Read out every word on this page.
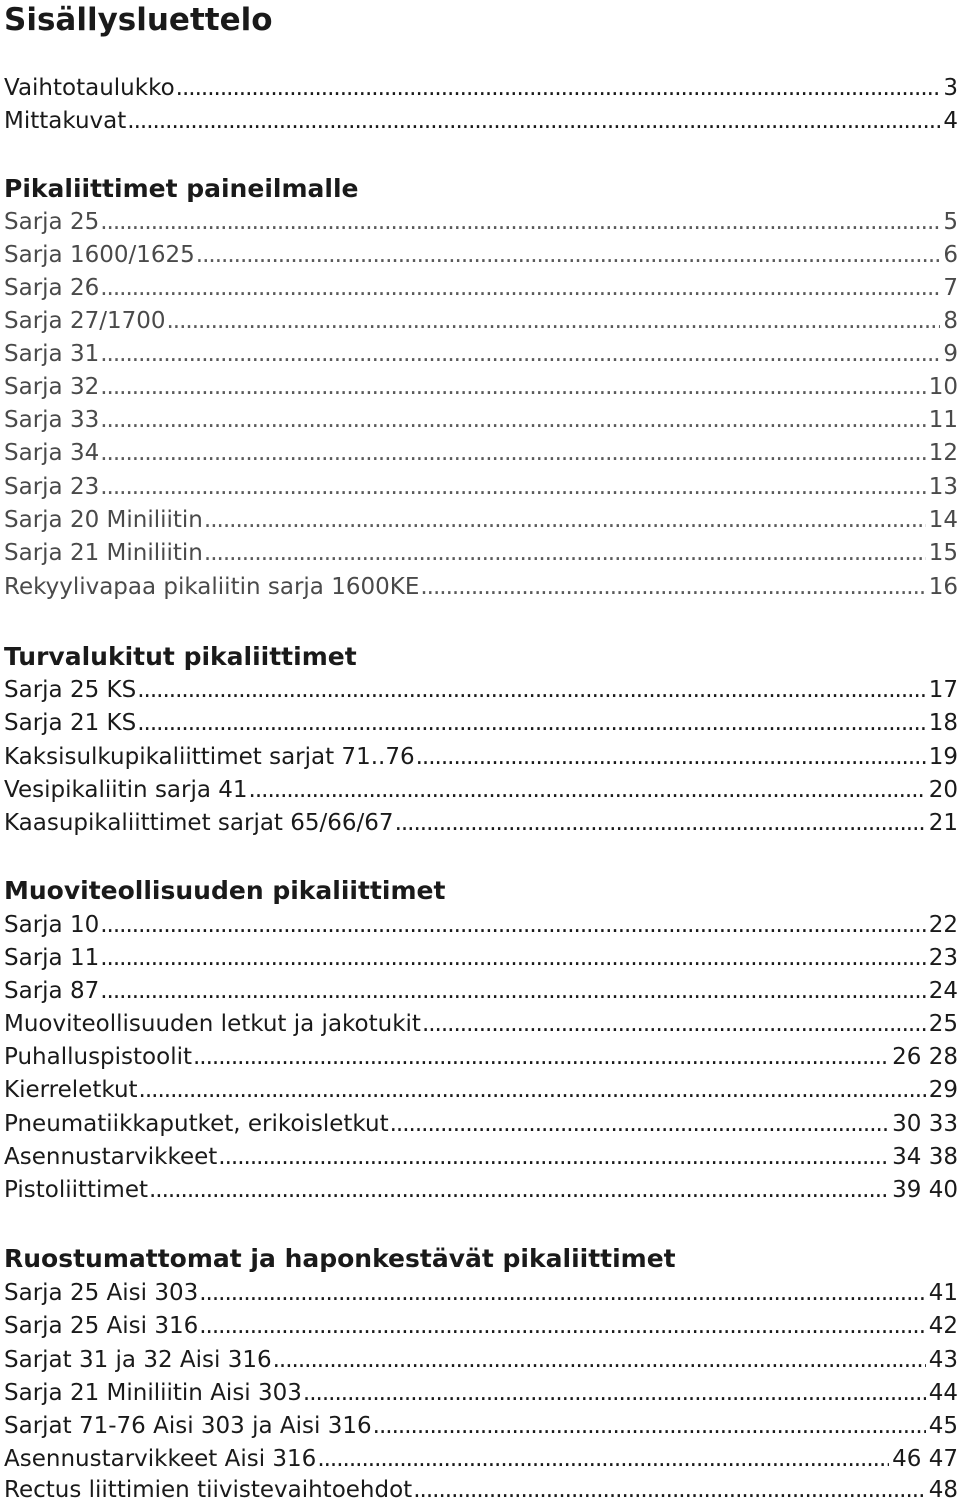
Sisällysluettelo
Vaihtotaulukko .....	3
Mittakuvat .....	4
Pikaliittimet paineilmalle
Sarja 25 .....	5
Sarja 1600/1625 .....	6
Sarja 26 .....	7
Sarja 27/1700 .....	8
Sarja 31 .....	9
Sarja 32 .....	10
Sarja 33 .....	11
Sarja 34 .....	12
Sarja 23 .....	13
Sarja 20 Miniliitin .....	14
Sarja 21 Miniliitin .....	15
Rekyylivapaa pikaliitin sarja 1600KE .....	16
Turvalukitut pikaliittimet
Sarja 25 KS .....	17
Sarja 21 KS .....	18
Kaksisulkupikaliittimet sarjat 71..76 .....	19
Vesipikaliitin sarja 41 .....	20
Kaasupikaliittimet sarjat 65/66/67 .....	21
Muoviteollisuuden pikaliittimet
Sarja 10 .....	22
Sarja 11 .....	23
Sarja 87 .....	24
Muoviteollisuuden letkut ja jakotukit .....	25
Puhalluspistoolit .....	26 28
Kierreletkut .....	29
Pneumatiikkaputket, erikoisletkut .....	30 33
Asennustarvikkeet .....	34 38
Pistoliittimet .....	39 40
Ruostumattomat ja haponkestävät pikaliittimet
Sarja 25 Aisi 303 .....	41
Sarja 25 Aisi 316 .....	42
Sarjat 31 ja 32 Aisi 316 .....	43
Sarja 21 Miniliitin Aisi 303 .....	44
Sarjat 71-76 Aisi 303 ja Aisi 316 .....	45
Asennustarvikkeet Aisi 316 .....	46 47
Rectus liittimien tiivistevaihtoehdot .....	48
